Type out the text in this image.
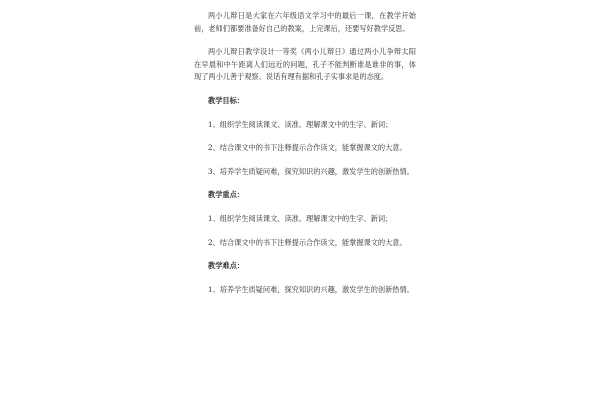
两小儿辩日是大家在六年级语文学习中的最后一课，在教学开始前，老师们都要准备好自己的教案，上完课后，还要写好教学反思。

两小儿辩日教学设计一等奖《两小儿辩日》通过两小儿争辩太阳在早晨和中午距离人们远近的问题，孔子不能判断谁是谁非的事，体现了两小儿善于观察、说话有理有据和孔子实事求是的态度。

教学目标：

1、组织学生阅读课文、读准、理解课文中的生字、新词；

2、结合课文中的书下注释提示合作读文，能掌握课文的大意。

3、培养学生质疑问难，探究知识的兴趣，激发学生的创新热情。

教学重点：

1、组织学生阅读课文、读准、理解课文中的生字、新词；

2、结合课文中的书下注释提示合作读文，能掌握课文的大意。

教学难点：

1、培养学生质疑问难，探究知识的兴趣，激发学生的创新热情。
